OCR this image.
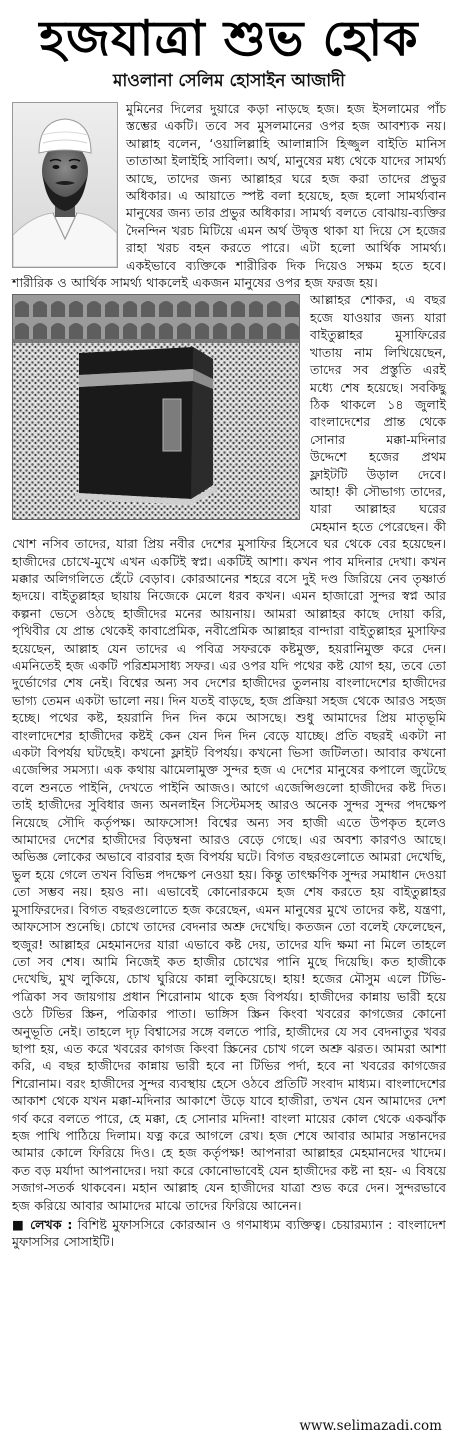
হজযাত্রা শুভ হোক
মাওলানা সেলিম হোসাইন আজাদী

মুমিনের দিলের দুয়ারে কড়া নাড়ছে হজ। হজ ইসলামের পাঁচ স্তম্ভের একটি। তবে সব মুসলমানের ওপর হজ আবশ্যক নয়। আল্লাহ বলেন, ‘ওয়ালিল্লাহি আলান্নাসি হিজ্জুল বাইতি মানিস তাতাআ ইলাইহি সাবিলা। অর্থ, মানুষের মধ্য থেকে যাদের সামর্থ্য আছে, তাদের জন্য আল্লাহর ঘরে হজ করা তাদের প্রভুর অধিকার। এ আয়াতে স্পষ্ট বলা হয়েছে, হজ হলো সামর্থ্যবান মানুষের জন্য তার প্রভুর অধিকার। সামর্থ্য বলতে বোঝায়-ব্যক্তির দৈনন্দিন খরচ মিটিয়ে এমন অর্থ উদ্বৃত্ত থাকা যা দিয়ে সে হজের রাহা খরচ বহন করতে পারে। এটা হলো আর্থিক সামর্থ্য। একইভাবে ব্যক্তিকে শারীরিক দিক দিয়েও সক্ষম হতে হবে। শারীরিক ও আর্থিক সামর্থ্য থাকলেই একজন মানুষের ওপর হজ ফরজ হয়।

আল্লাহর শোকর, এ বছর হজে যাওয়ার জন্য যারা বাইতুল্লাহর মুসাফিরের খাতায় নাম লিখিয়েছেন, তাদের সব প্রস্তুতি এরই মধ্যে শেষ হয়েছে। সবকিছু ঠিক থাকলে ১৪ জুলাই বাংলাদেশের প্রান্ত থেকে সোনার মক্কা-মদিনার উদ্দেশে হজের প্রথম ফ্লাইটটি উড়াল দেবে। আহা! কী সৌভাগ্য তাদের, যারা আল্লাহর ঘরের মেহমান হতে পেরেছেন। কী খোশ নসিব তাদের, যারা প্রিয় নবীর দেশের মুসাফির হিসেবে ঘর থেকে বের হয়েছেন। হাজীদের চোখে-মুখে এখন একটিই স্বপ্ন। একটিই আশা। কখন পাব মদিনার দেখা। কখন মক্কার অলিগলিতে হেঁটে বেড়াব। কোরআনের শহরে বসে দুই দণ্ড জিরিয়ে নেব তৃষ্ণার্ত হৃদয়ে। বাইতুল্লাহর ছায়ায় নিজেকে মেলে ধরব কখন। এমন হাজারো সুন্দর স্বপ্ন আর কল্পনা ভেসে ওঠছে হাজীদের মনের আয়নায়। আমরা আল্লাহর কাছে দোয়া করি, পৃথিবীর যে প্রান্ত থেকেই কাবাপ্রেমিক, নবীপ্রেমিক আল্লাহর বান্দারা বাইতুল্লাহর মুসাফির হয়েছেন, আল্লাহ যেন তাদের এ পবিত্র সফরকে কষ্টমুক্ত, হয়রানিমুক্ত করে দেন। এমনিতেই হজ একটি পরিশ্রমসাধ্য সফর। এর ওপর যদি পথের কষ্ট যোগ হয়, তবে তো দুর্ভোগের শেষ নেই। বিশ্বের অন্য সব দেশের হাজীদের তুলনায় বাংলাদেশের হাজীদের ভাগ্য তেমন একটা ভালো নয়। দিন যতই বাড়ছে, হজ প্রক্রিয়া সহজ থেকে আরও সহজ হচ্ছে। পথের কষ্ট, হয়রানি দিন দিন কমে আসছে। শুধু আমাদের প্রিয় মাতৃভূমি বাংলাদেশের হাজীদের কষ্টই কেন যেন দিন দিন বেড়ে যাচ্ছে। প্রতি বছরই একটা না একটা বিপর্যয় ঘটছেই। কখনো ফ্লাইট বিপর্যয়। কখনো ভিসা জটিলতা। আবার কখনো এজেন্সির সমস্যা। এক কথায় ঝামেলামুক্ত সুন্দর হজ এ দেশের মানুষের কপালে জুটেছে বলে শুনতে পাইনি, দেখতে পাইনি আজও। আগে এজেন্সিগুলো হাজীদের কষ্ট দিত। তাই হাজীদের সুবিধার জন্য অনলাইন সিস্টেমসহ আরও অনেক সুন্দর সুন্দর পদক্ষেপ নিয়েছে সৌদি কর্তৃপক্ষ। আফসোস! বিশ্বের অন্য সব হাজী এতে উপকৃত হলেও আমাদের দেশের হাজীদের বিড়ম্বনা আরও বেড়ে গেছে। এর অবশ্য কারণও আছে। অভিজ্ঞ লোকের অভাবে বারবার হজ বিপর্যয় ঘটে। বিগত বছরগুলোতে আমরা দেখেছি, ভুল হয়ে গেলে তখন বিভিন্ন পদক্ষেপ নেওয়া হয়। কিন্তু তাৎক্ষণিক সুন্দর সমাধান দেওয়া তো সম্ভব নয়। হয়ও না। এভাবেই কোনোরকমে হজ শেষ করতে হয় বাইতুল্লাহর মুসাফিরদের। বিগত বছরগুলোতে হজ করেছেন, এমন মানুষের মুখে তাদের কষ্ট, যন্ত্রণা, আফসোস শুনেছি। চোখে তাদের বেদনার অশ্রু দেখেছি। কতজন তো বলেই ফেলেছেন, হুজুর! আল্লাহর মেহমানদের যারা এভাবে কষ্ট দেয়, তাদের যদি ক্ষমা না মিলে তাহলে তো সব শেষ। আমি নিজেই কত হাজীর চোখের পানি মুছে দিয়েছি। কত হাজীকে দেখেছি, মুখ লুকিয়ে, চোখ ঘুরিয়ে কান্না লুকিয়েছে। হায়! হজের মৌসুম এলে টিভি-পত্রিকা সব জায়গায় প্রধান শিরোনাম থাকে হজ বিপর্যয়। হাজীদের কান্নায় ভারী হয়ে ওঠে টিভির স্ক্রিন, পত্রিকার পাতা। ভাঙ্গিস স্ক্রিন কিংবা খবরের কাগজের কোনো অনুভূতি নেই। তাহলে দৃঢ় বিশ্বাসের সঙ্গে বলতে পারি, হাজীদের যে সব বেদনাতুর খবর ছাপা হয়, এত করে খবরের কাগজ কিংবা স্ক্রিনের চোখ গলে অশ্রু ঝরত। আমরা আশা করি, এ বছর হাজীদের কান্নায় ভারী হবে না টিভির পর্দা, হবে না খবরের কাগজের শিরোনাম। বরং হাজীদের সুন্দর ব্যবস্থায় হেসে ওঠবে প্রতিটি সংবাদ মাধ্যম। বাংলাদেশের আকাশ থেকে যখন মক্কা-মদিনার আকাশে উড়ে যাবে হাজীরা, তখন যেন আমাদের দেশ গর্ব করে বলতে পারে, হে মক্কা, হে সোনার মদিনা! বাংলা মায়ের কোল থেকে একঝাঁক হজ পাখি পাঠিয়ে দিলাম। যত্ন করে আগলে রেখ। হজ শেষে আবার আমার সন্তানদের আমার কোলে ফিরিয়ে দিও। হে হজ কর্তৃপক্ষ! আপনারা আল্লাহর মেহমানদের খাদেম। কত বড় মর্যাদা আপনাদের। দয়া করে কোনোভাবেই যেন হাজীদের কষ্ট না হয়- এ বিষয়ে সজাগ-সতর্ক থাকবেন। মহান আল্লাহ যেন হাজীদের যাত্রা শুভ করে দেন। সুন্দরভাবে হজ করিয়ে আবার আমাদের মাঝে তাদের ফিরিয়ে আনেন।

■ লেখক : বিশিষ্ট মুফাসসিরে কোরআন ও গণমাধ্যম ব্যক্তিত্ব। চেয়ারম্যান : বাংলাদেশ মুফাসসির সোসাইটি।
www.selimazadi.com
